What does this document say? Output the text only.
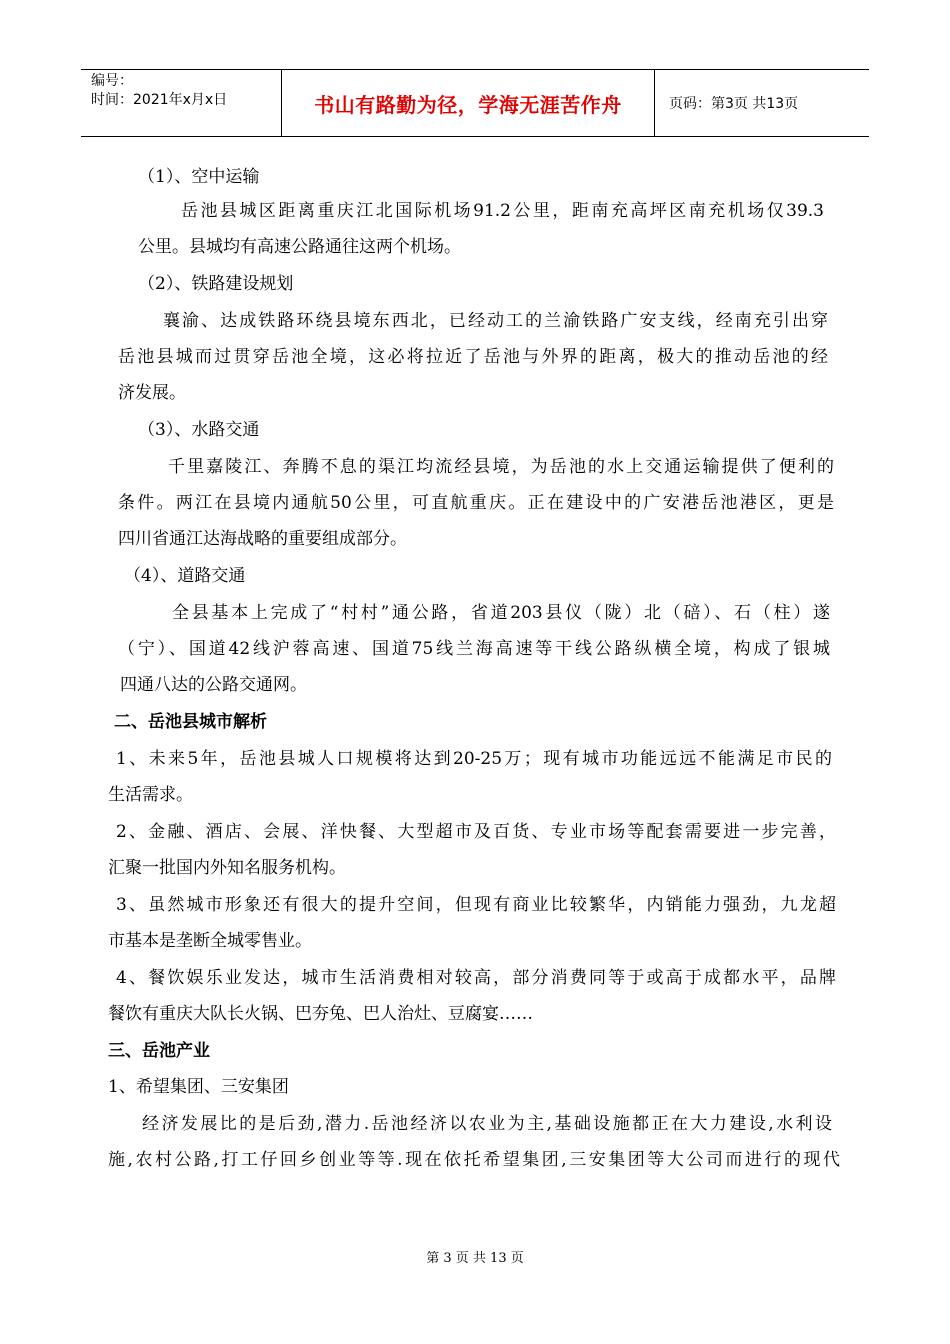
编号：
时间：2021年x月x日	书山有路勤为径，学海无涯苦作舟	页码：第3页 共13页
（1）、空中运输
岳池县城区距离重庆江北国际机场91.2公里，距南充高坪区南充机场仅39.3
公里。县城均有高速公路通往这两个机场。
（2）、铁路建设规划
襄渝、达成铁路环绕县境东西北，已经动工的兰渝铁路广安支线，经南充引出穿
岳池县城而过贯穿岳池全境，这必将拉近了岳池与外界的距离，极大的推动岳池的经
济发展。
（3）、水路交通
千里嘉陵江、奔腾不息的渠江均流经县境，为岳池的水上交通运输提供了便利的
条件。两江在县境内通航50公里，可直航重庆。正在建设中的广安港岳池港区，更是
四川省通江达海战略的重要组成部分。
（4）、道路交通
全县基本上完成了“村村”通公路，省道203县仪（陇）北（碚）、石（柱）遂
（宁）、国道42线沪蓉高速、国道75线兰海高速等干线公路纵横全境，构成了银城
四通八达的公路交通网。
二、岳池县城市解析
1、未来5年，岳池县城人口规模将达到20-25万；现有城市功能远远不能满足市民的
生活需求。
2、金融、酒店、会展、洋快餐、大型超市及百货、专业市场等配套需要进一步完善，
汇聚一批国内外知名服务机构。
3、虽然城市形象还有很大的提升空间，但现有商业比较繁华，内销能力强劲，九龙超
市基本是垄断全城零售业。
4、餐饮娱乐业发达，城市生活消费相对较高，部分消费同等于或高于成都水平，品牌
餐饮有重庆大队长火锅、巴夯兔、巴人治灶、豆腐宴……
三、岳池产业
1、希望集团、三安集团
经济发展比的是后劲,潜力.岳池经济以农业为主,基础设施都正在大力建设,水利设
施,农村公路,打工仔回乡创业等等.现在依托希望集团,三安集团等大公司而进行的现代
第 3 页 共 13 页
